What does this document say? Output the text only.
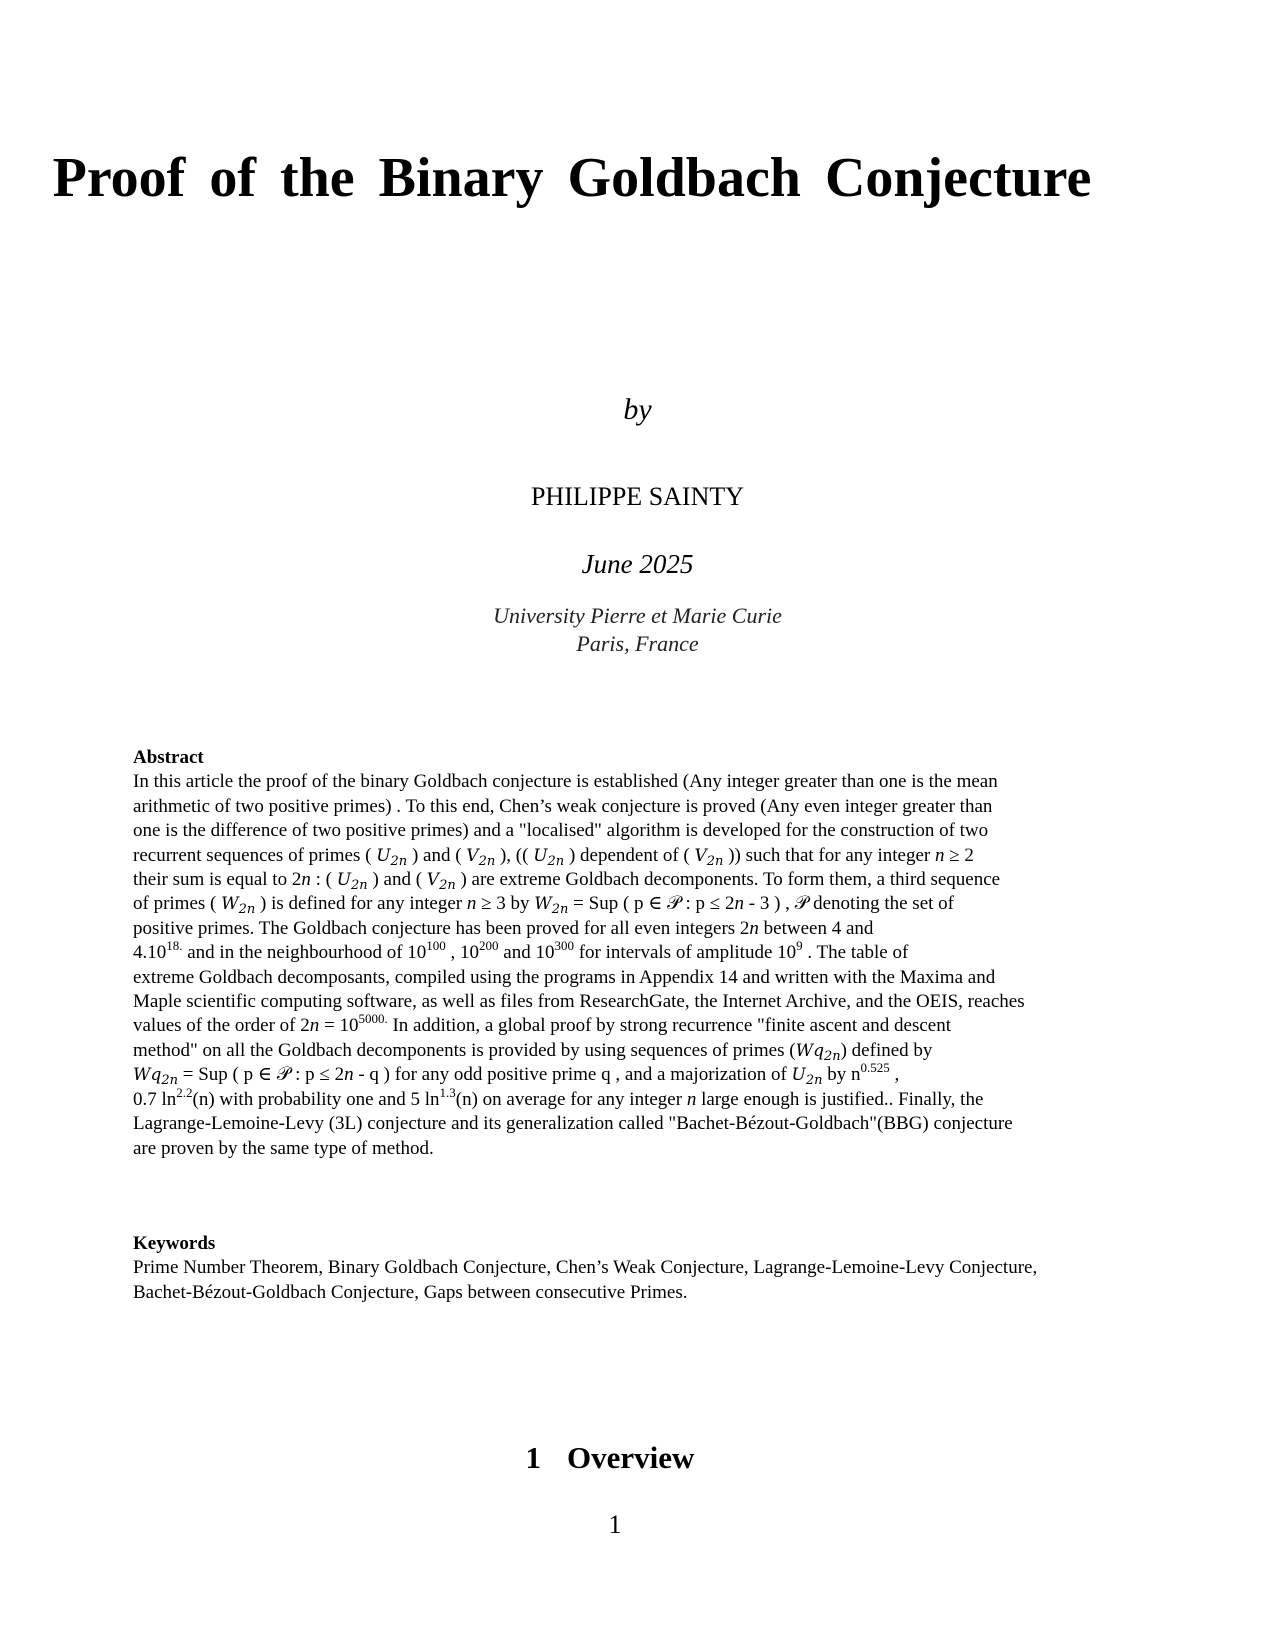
Proof of the Binary Goldbach Conjecture
by
PHILIPPE SAINTY
June 2025
University Pierre et Marie Curie
Paris, France
Abstract
In this article the proof of the binary Goldbach conjecture is established (Any integer greater than one is the mean
arithmetic of two positive primes) . To this end, Chen’s weak conjecture is proved (Any even integer greater than
one is the difference of two positive primes) and a "localised" algorithm is developed for the construction of two
recurrent sequences of primes ( $U_{2n}$ ) and ( $V_{2n}$ ), (( $U_{2n}$ ) dependent of ( $V_{2n}$ )) such that for any integer n ≥ 2
their sum is equal to 2n : ( $U_{2n}$ ) and ( $V_{2n}$ ) are extreme Goldbach decomponents. To form them, a third sequence
of primes ( $W_{2n}$ ) is defined for any integer n ≥ 3 by $W_{2n}$ = Sup ( p ∈ 𝒫 : p ≤ 2n - 3 ) , 𝒫 denoting the set of
positive primes. The Goldbach conjecture has been proved for all even integers 2n between 4 and
$4.10^{18.}$ and in the neighbourhood of $10^{100}$ , $10^{200}$ and $10^{300}$ for intervals of amplitude $10^9$ . The table of
extreme Goldbach decomposants, compiled using the programs in Appendix 14 and written with the Maxima and
Maple scientific computing software, as well as files from ResearchGate, the Internet Archive, and the OEIS, reaches
values of the order of $2n = 10^{5000.}$ In addition, a global proof by strong recurrence "finite ascent and descent
method" on all the Goldbach decomponents is provided by using sequences of primes $(Wq_{2n})$ defined by
$Wq_{2n}$ = Sup ( p ∈ 𝒫 : p ≤ 2n - q ) for any odd positive prime q , and a majorization of $U_{2n}$ by $n^{0.525}$ ,
0.7 $\ln^{2.2}(n)$ with probability one and 5 $\ln^{1.3}(n)$ on average for any integer n large enough is justified.. Finally, the
Lagrange-Lemoine-Levy (3L) conjecture and its generalization called "Bachet-Bézout-Goldbach"(BBG) conjecture
are proven by the same type of method.
Keywords
Prime Number Theorem, Binary Goldbach Conjecture, Chen’s Weak Conjecture, Lagrange-Lemoine-Levy Conjecture,
Bachet-Bézout-Goldbach Conjecture, Gaps between consecutive Primes.
1 Overview
1
